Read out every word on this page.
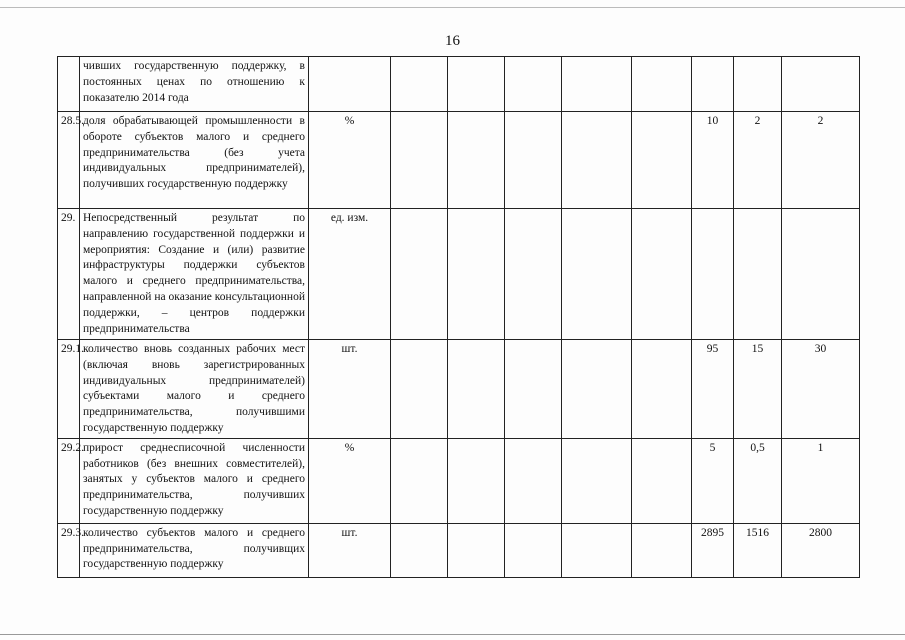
16
	чивших государственную поддержку, в постоянных ценах по отношению к показателю 2014 года									
28.5.	доля обрабатывающей промышленности в обороте субъектов малого и среднего предпринимательства (без учета индивидуальных предпринимателей), получивших государственную поддержку	%						10	2	2
29.	Непосредственный результат по направлению государственной поддержки и мероприятия: Создание и (или) развитие инфраструктуры поддержки субъектов малого и среднего предпринимательства, направленной на оказание консультационной поддержки, – центров поддержки предпринимательства	ед. изм.								
29.1.	количество вновь созданных рабочих мест (включая вновь зарегистрированных индивидуальных предпринимателей) субъектами малого и среднего предпринимательства, получившими государственную поддержку	шт.						95	15	30
29.2.	прирост среднесписочной численности работников (без внешних совместителей), занятых у субъектов малого и среднего предпринимательства, получивших государственную поддержку	%						5	0,5	1
29.3.	количество субъектов малого и среднего предпринимательства, получивщих государственную поддержку	шт.						2895	1516	2800
